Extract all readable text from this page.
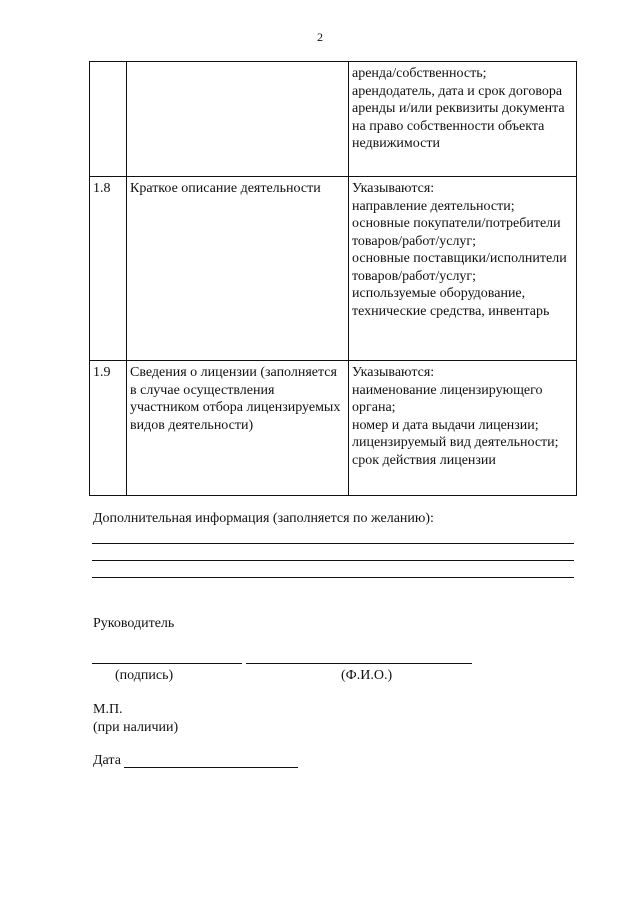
2
		аренда/собственность;
арендодатель, дата и срок договора аренды и/или реквизиты документа на право собственности объекта недвижимости
1.8	Краткое описание деятельности	Указываются:
направление деятельности;
основные покупатели/потребители товаров/работ/услуг;
основные поставщики/исполнители товаров/работ/услуг;
используемые оборудование, технические средства, инвентарь
1.9	Сведения о лицензии (заполняется в случае осуществления участником отбора лицензируемых видов деятельности)	Указываются:
наименование лицензирующего органа;
номер и дата выдачи лицензии;
лицензируемый вид деятельности;
срок действия лицензии
Дополнительная информация (заполняется по желанию):
Руководитель
(подпись)	(Ф.И.О.)
М.П.
(при наличии)
Дата
